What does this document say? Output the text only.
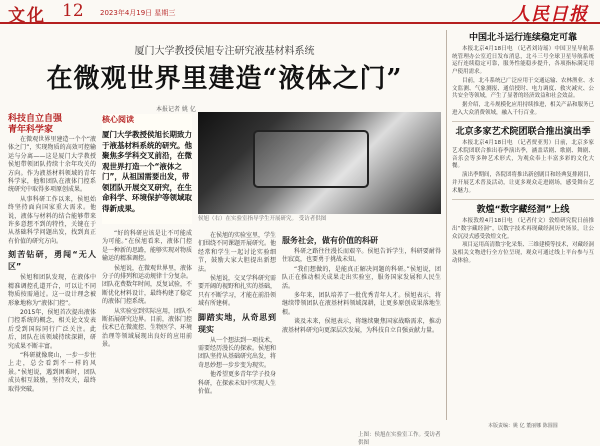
文化 12 2023年4月19日 星期三	人民日报
厦门大学教授侯旭专注研究液基材料系统
在微观世界里建造“液体之门”
本报记者 姚 亿
科技自立自强
青年科学家

在微观世界里建造一个个“液体之门”，实现物质的高效可控输运与分离——这是厦门大学教授侯旭带领团队持续十余年攻关的方向。作为液基材料领域的青年科学家，他和团队在液体门控系统研究中取得多项原创成果。

从事科研工作以来，侯旭始终坚持面向国家重大需求。他说，液体与材料的结合能够带来许多意想不到的特性，关键在于从基础科学问题出发，找到真正有价值的研究方向。

刻苦钻研，勇闯“无人区”

侯旭和团队发现，在液体中精准调控孔道开合，可以让不同物质按需通过。这一设计理念被形象地称为“液体门控”。

2015年，侯旭首次提出液体门控系统的概念，相关论文发表后受到国际同行广泛关注。此后，团队在该领域持续深耕，研究成果不断丰富。

“科研就像爬山，一步一步往上走，总会看到不一样的风景。”侯旭说，遇到困难时，团队成员相互鼓励，坚持攻关，最终取得突破。

核心阅读
厦门大学教授侯旭长期致力于液基材料系统的研究。他聚焦多学科交叉前沿，在微观世界打造一个“液体之门”，从祖国需要出发，带领团队开展交叉研究，在生命科学、环境保护等领域取得新成果。

“好的科研应该是让不可能成为可能。”在侯旭看来，液体门控是一种新的思路，能够实现对物质输运的精准调控。

侯旭说，在微观世界里，液体分子的排列和运动规律十分复杂。团队花费数年时间，反复试验，不断优化材料设计，最终构建了稳定的液体门控系统。

从实验室到实际应用，团队不断拓展研究边界。目前，液体门控技术已在微流控、生物医学、环境治理等领域展现出良好的应用前景。

侯旭（右）在实验室指导学生开展研究。 受访者供图

在侯旭的实验室里，学生们围绕不同课题开展研究。他经常和学生一起讨论实验细节，鼓励大家大胆提出新想法。

侯旭说，交叉学科研究需要开阔的视野和扎实的基础，只有不断学习，才能在前沿领域有所建树。

脚踏实地，从奇思到现实

从一个想法到一项技术，需要经历漫长的探索。侯旭和团队坚持从基础研究出发，将奇思妙想一步步变为现实。

他希望更多青年学子投身科研，在探索未知中实现人生价值。

服务社会，做有价值的科研

科研之路往往漫长而艰辛。侯旭告诉学生，科研要耐得住寂寞，也要勇于挑战未知。

“我们想做的，是能真正解决问题的科研。”侯旭说，团队正在推动相关成果走出实验室，服务国家发展和人民生活。

多年来，团队培养了一批优秀青年人才。侯旭表示，将继续带领团队在液基材料领域深耕，让更多原创成果落地生根。

谈及未来，侯旭表示，将继续聚焦国家战略需求，推动液基材料研究向更深层次发展，为科技自立自强贡献力量。

上图：侯旭在实验室工作。受访者供图
中国北斗运行连续稳定可靠

本报北京4月18日电 （记者刘诗瑶）中国卫星导航系统管理办公室近日发布消息，北斗三号全球卫星导航系统运行连续稳定可靠，服务性能稳步提升，各项指标满足用户使用需求。

目前，北斗系统已广泛应用于交通运输、农林渔业、水文监测、气象测报、通信授时、电力调度、救灾减灾、公共安全等领域，产生了显著的经济效益和社会效益。

据介绍，北斗规模化应用持续推进，相关产品和服务已进入大众消费领域，融入千行百业。

北京多家艺术院团联合推出演出季

本报北京4月18日电 （记者贾亚男）日前，北京多家艺术院团联合推出春季演出季，涵盖话剧、歌剧、舞剧、音乐会等多种艺术形式，为观众奉上丰富多彩的文化大餐。

演出季期间，各院团将推出新创剧目和经典复排剧目，并开展艺术普及活动，让更多观众走进剧场，感受舞台艺术魅力。

敦煌“数字藏经洞”上线

本报敦煌4月18日电 （记者付文）敦煌研究院日前推出“数字藏经洞”，以数字技术再现藏经洞历史场景，让公众沉浸式感受敦煌文化。

项目运用高清数字化采集、三维建模等技术，对藏经洞及相关文物进行全方位呈现，观众可通过线上平台参与互动体验。

本版责编：姚 亿 董丽娜 陈圆圆
